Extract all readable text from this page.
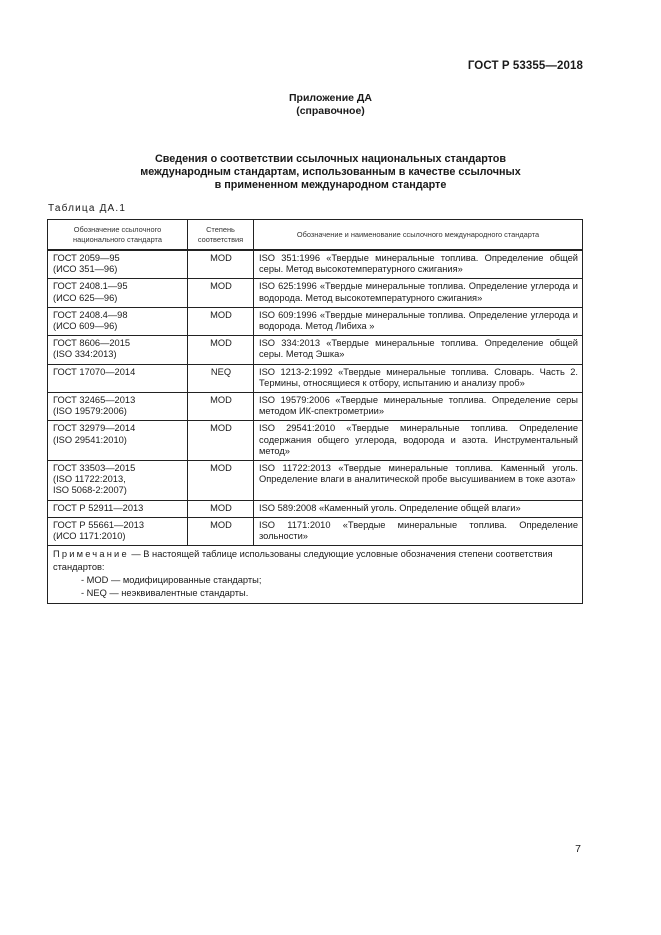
ГОСТ Р 53355—2018
Приложение ДА
(справочное)
Сведения о соответствии ссылочных национальных стандартов
международным стандартам, использованным в качестве ссылочных
в примененном международном стандарте
Таблица ДА.1
Обозначение ссылочного национального стандарта	Степень соответствия	Обозначение и наименование ссылочного международного стандарта
ГОСТ 2059—95
(ИСО 351—96)	MOD	ISO 351:1996 «Твердые минеральные топлива. Определение общей серы. Метод высокотемпературного сжигания»
ГОСТ 2408.1—95
(ИСО 625—96)	MOD	ISO 625:1996 «Твердые минеральные топлива. Определение углерода и водорода. Метод высокотемпературного сжигания»
ГОСТ 2408.4—98
(ИСО 609—96)	MOD	ISO 609:1996 «Твердые минеральные топлива. Определение углерода и водорода. Метод Либиха »
ГОСТ 8606—2015
(ISO 334:2013)	MOD	ISO 334:2013 «Твердые минеральные топлива. Определение общей серы. Метод Эшка»
ГОСТ 17070—2014	NEQ	ISO 1213-2:1992 «Твердые минеральные топлива. Словарь. Часть 2. Термины, относящиеся к отбору, испытанию и анализу проб»
ГОСТ 32465—2013
(ISO 19579:2006)	MOD	ISO 19579:2006 «Твердые минеральные топлива. Определение серы методом ИК-спектрометрии»
ГОСТ 32979—2014
(ISO 29541:2010)	MOD	ISO 29541:2010 «Твердые минеральные топлива. Определение содержания общего углерода, водорода и азота. Инструментальный метод»
ГОСТ 33503—2015
(ISO 11722:2013,
ISO 5068-2:2007)	MOD	ISO 11722:2013 «Твердые минеральные топлива. Каменный уголь. Определение влаги в аналитической пробе высушиванием в токе азота»
ГОСТ Р 52911—2013	MOD	ISO 589:2008 «Каменный уголь. Определение общей влаги»
ГОСТ Р 55661—2013
(ИСО 1171:2010)	MOD	ISO 1171:2010 «Твердые минеральные топлива. Определение зольности»
Примечание — В настоящей таблице использованы следующие условные обозначения степени соответствия стандартов:
- MOD — модифицированные стандарты;
- NEQ — неэквивалентные стандарты.		
7
